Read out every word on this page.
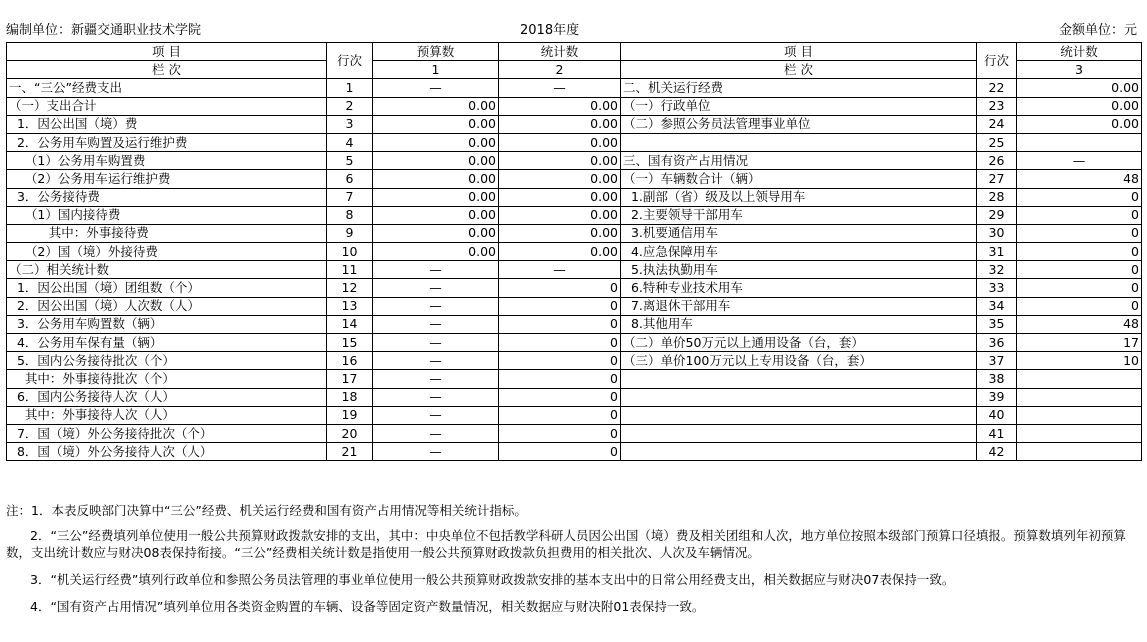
编制单位：新疆交通职业技术学院	2018年度	金额单位：元
项 目	行次	预算数	统计数	项 目	行次	统计数
栏 次		1	2	栏 次		3
一、“三公”经费支出	1	—	—	二、机关运行经费	22	0.00
（一）支出合计	2	0.00	0.00	（一）行政单位	23	0.00
1．因公出国（境）费	3	0.00	0.00	（二）参照公务员法管理事业单位	24	0.00
2．公务用车购置及运行维护费	4	0.00	0.00		25	
（1）公务用车购置费	5	0.00	0.00	三、国有资产占用情况	26	—
（2）公务用车运行维护费	6	0.00	0.00	（一）车辆数合计（辆）	27	48
3．公务接待费	7	0.00	0.00	1.副部（省）级及以上领导用车	28	0
（1）国内接待费	8	0.00	0.00	2.主要领导干部用车	29	0
其中：外事接待费	9	0.00	0.00	3.机要通信用车	30	0
（2）国（境）外接待费	10	0.00	0.00	4.应急保障用车	31	0
（二）相关统计数	11	—	—	5.执法执勤用车	32	0
1．因公出国（境）团组数（个）	12	—	0	6.特种专业技术用车	33	0
2．因公出国（境）人次数（人）	13	—	0	7.离退休干部用车	34	0
3．公务用车购置数（辆）	14	—	0	8.其他用车	35	48
4．公务用车保有量（辆）	15	—	0	（二）单价50万元以上通用设备（台，套）	36	17
5．国内公务接待批次（个）	16	—	0	（三）单价100万元以上专用设备（台，套）	37	10
其中：外事接待批次（个）	17	—	0		38	
6．国内公务接待人次（人）	18	—	0		39	
其中：外事接待人次（人）	19	—	0		40	
7．国（境）外公务接待批次（个）	20	—	0		41	
8．国（境）外公务接待人次（人）	21	—	0		42	

注：1．本表反映部门决算中“三公”经费、机关运行经费和国有资产占用情况等相关统计指标。

2．“三公”经费填列单位使用一般公共预算财政拨款安排的支出，其中：中央单位不包括教学科研人员因公出国（境）费及相关团组和人次，地方单位按照本级部门预算口径填报。预算数填列年初预算数，支出统计数应与财决08表保持衔接。“三公”经费相关统计数是指使用一般公共预算财政拨款负担费用的相关批次、人次及车辆情况。

3．“机关运行经费”填列行政单位和参照公务员法管理的事业单位使用一般公共预算财政拨款安排的基本支出中的日常公用经费支出，相关数据应与财决07表保持一致。

4．“国有资产占用情况”填列单位用各类资金购置的车辆、设备等固定资产数量情况，相关数据应与财决附01表保持一致。
